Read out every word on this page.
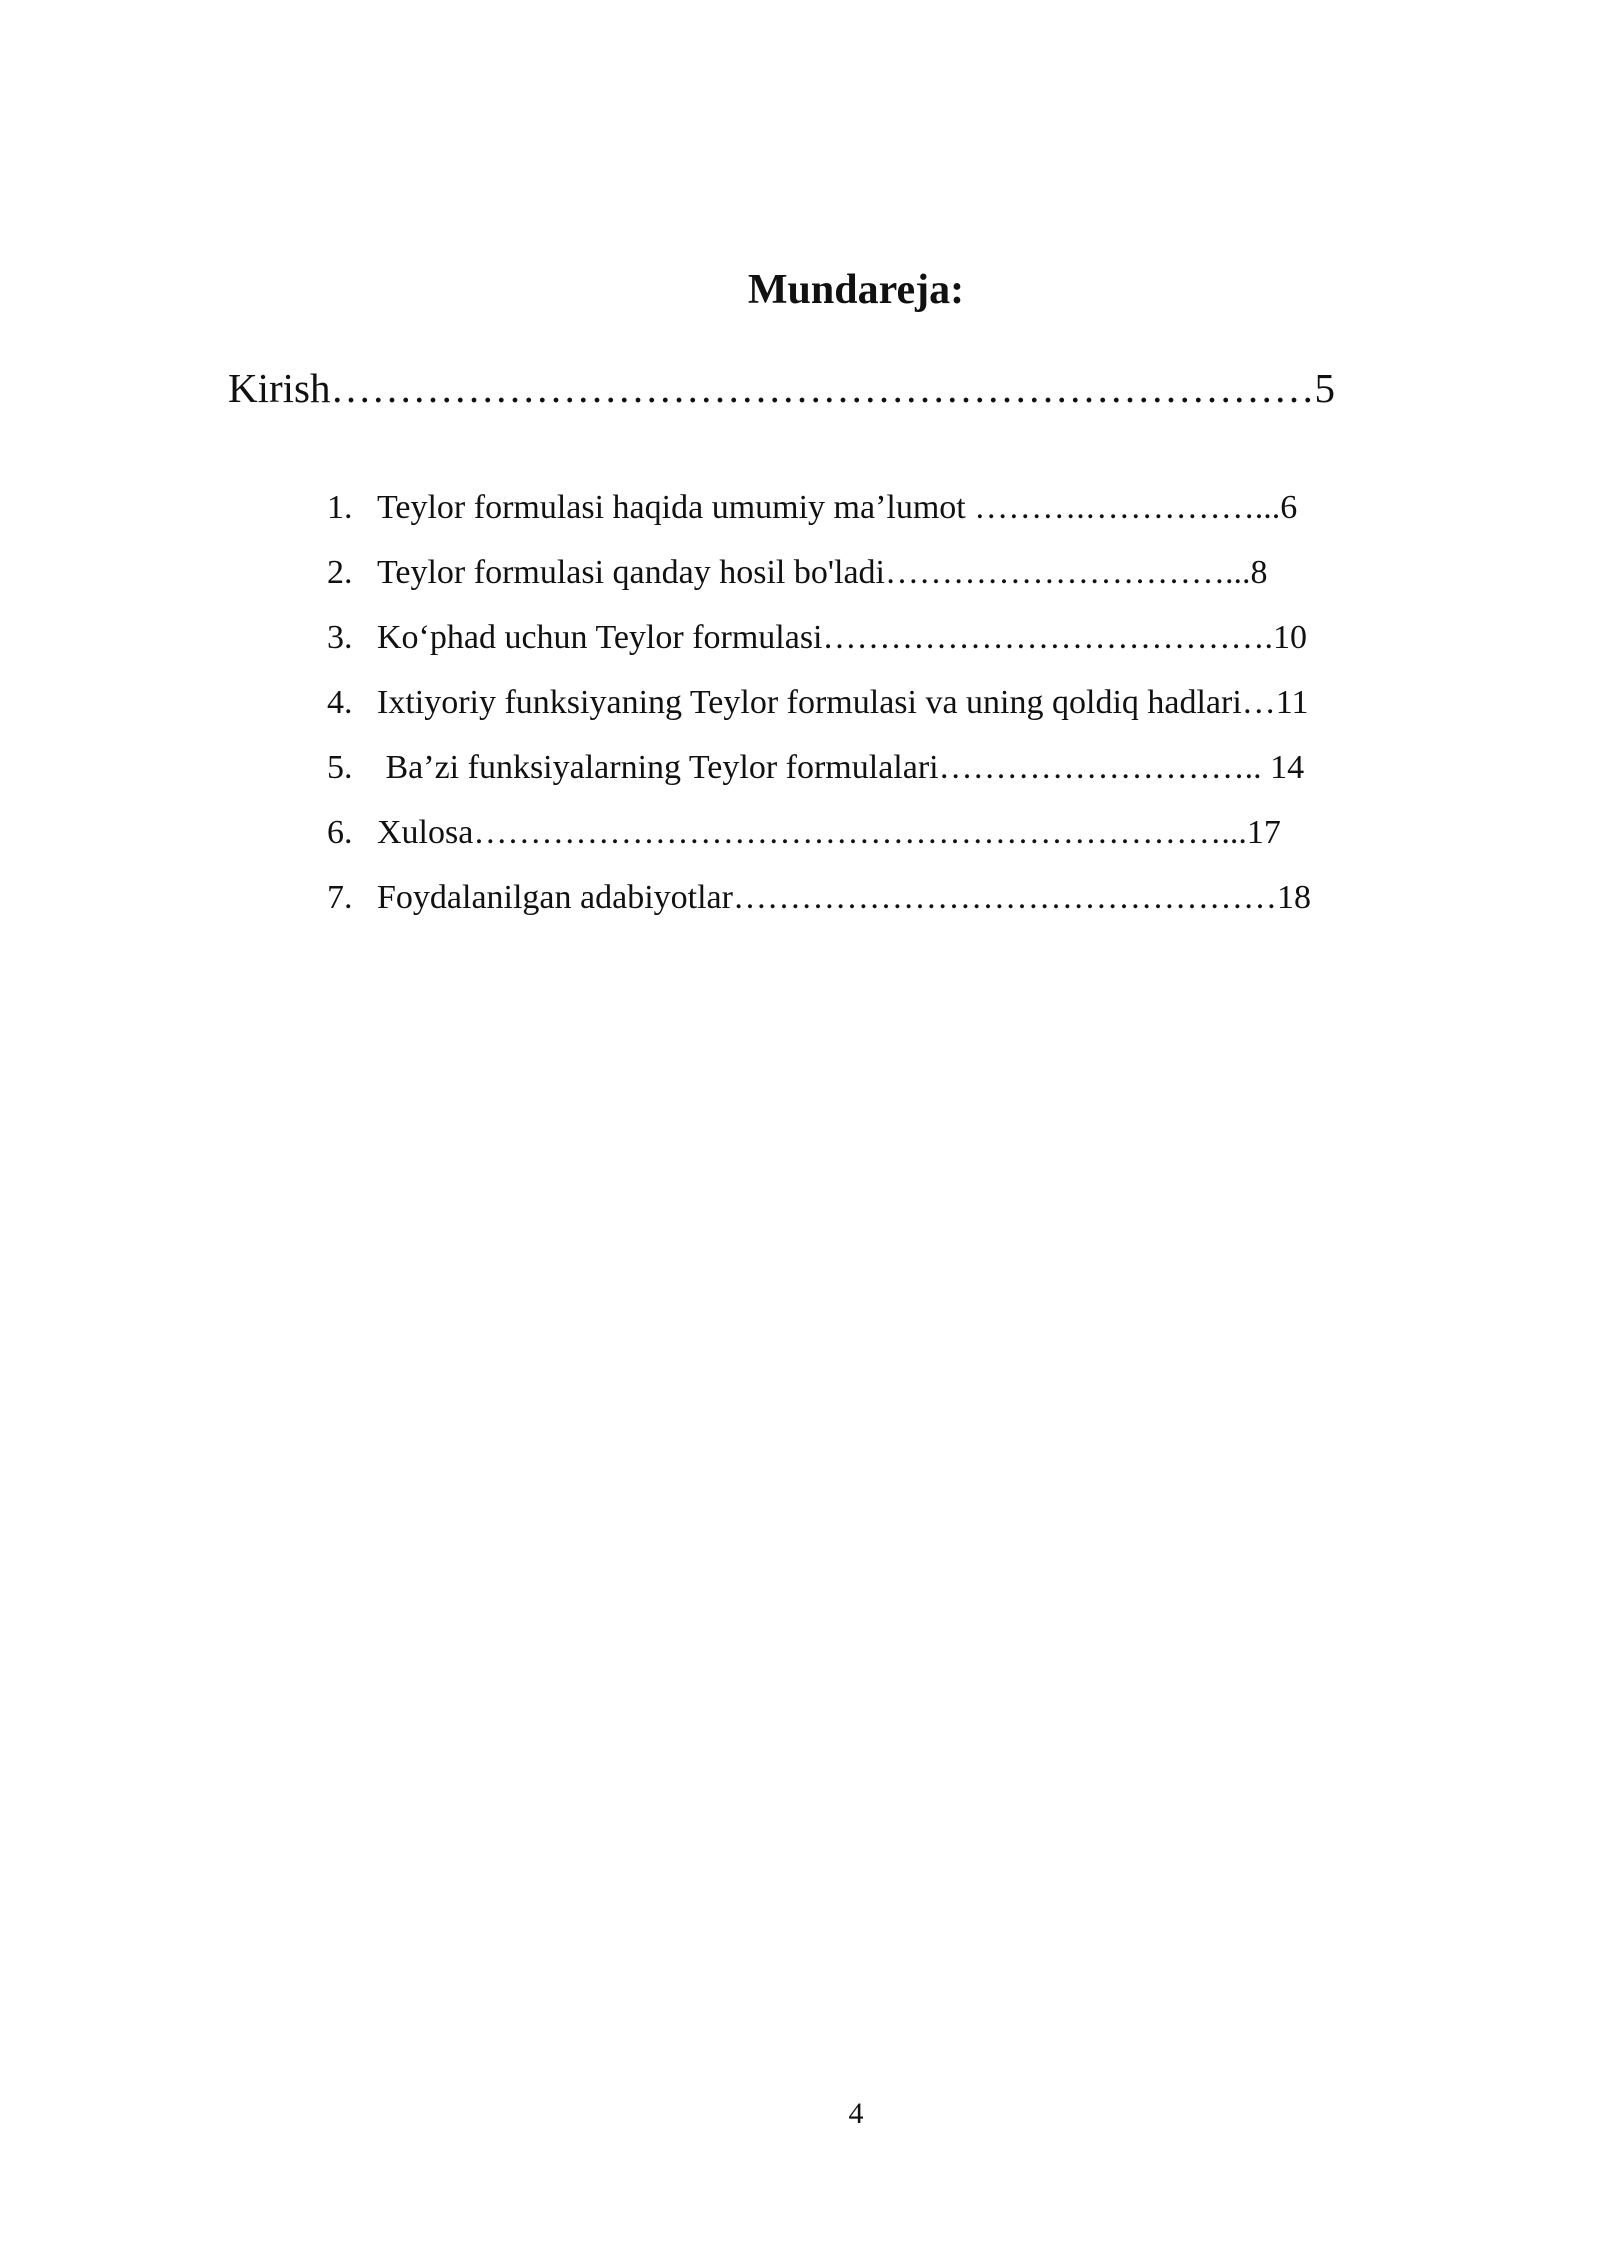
Mundareja:
Kirish………………………………………………………………5

1. Teylor formulasi haqida umumiy ma’lumot ……….……………...6

2. Teylor formulasi qanday hosil bo'ladi…………………………...8

3. Ko‘phad uchun Teylor formulasi………………………………….10

4. Ixtiyoriy funksiyaning Teylor formulasi va uning qoldiq hadlari…11

5. Ba’zi funksiyalarning Teylor formulalari……………………….. 14

6. Xulosa…………………………………………………………...17

7. Foydalanilgan adabiyotlar…………………………………………18

4
